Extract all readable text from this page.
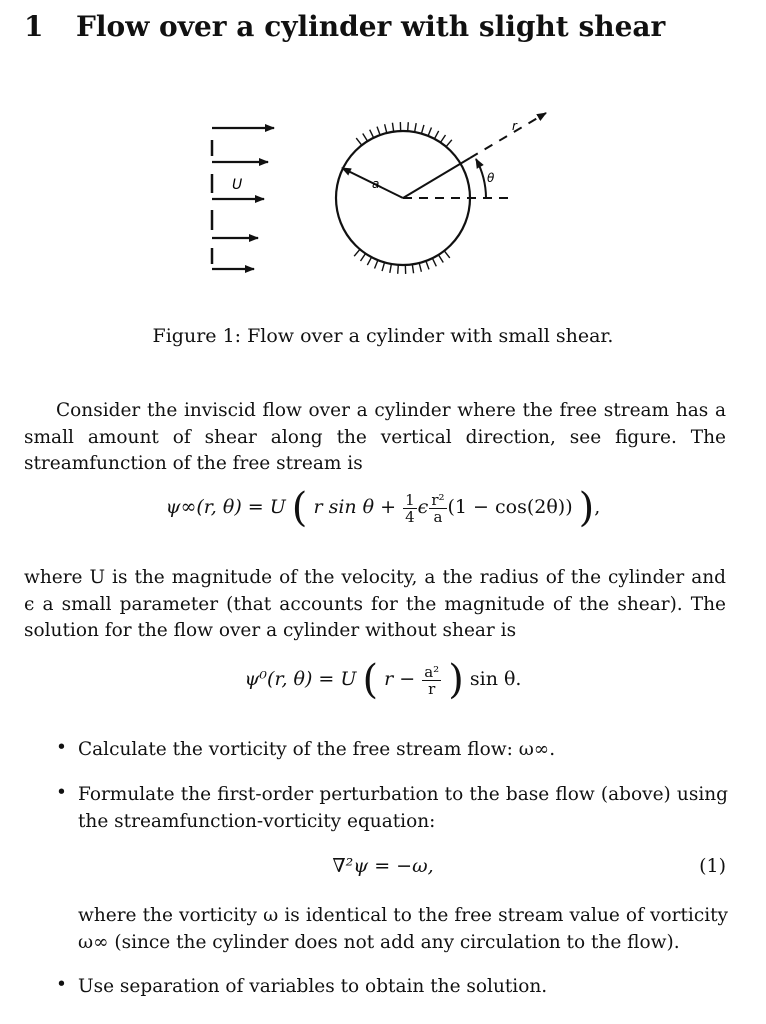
1 Flow over a cylinder with slight shear
U	a
r
θ
Figure 1: Flow over a cylinder with small shear.
Consider the inviscid flow over a cylinder where the free stream has a small amount of shear along the vertical direction, see figure. The streamfunction of the free stream is
ψ∞(r, θ) = U ( r $\sin \theta + \frac{1}{4}$ ϵ $\frac{\text{r²}}{a} (1 - \cos(2\theta))$ ),
where U is the magnitude of the velocity, a the radius of the cylinder and ϵ a small parameter (that accounts for the magnitude of the shear). The solution for the flow over a cylinder without shear is
ψ⁰(r, θ) = U ( $r - \frac{\text{a²}}{r}$ ) sin θ.
• Calculate the vorticity of the free stream flow: ω∞.
• Formulate the first-order perturbation to the base flow (above) using the streamfunction-vorticity equation:
∇²ψ = −ω,	(1)
where the vorticity ω is identical to the free stream value of vorticity ω∞ (since the cylinder does not add any circulation to the flow).
• Use separation of variables to obtain the solution.
